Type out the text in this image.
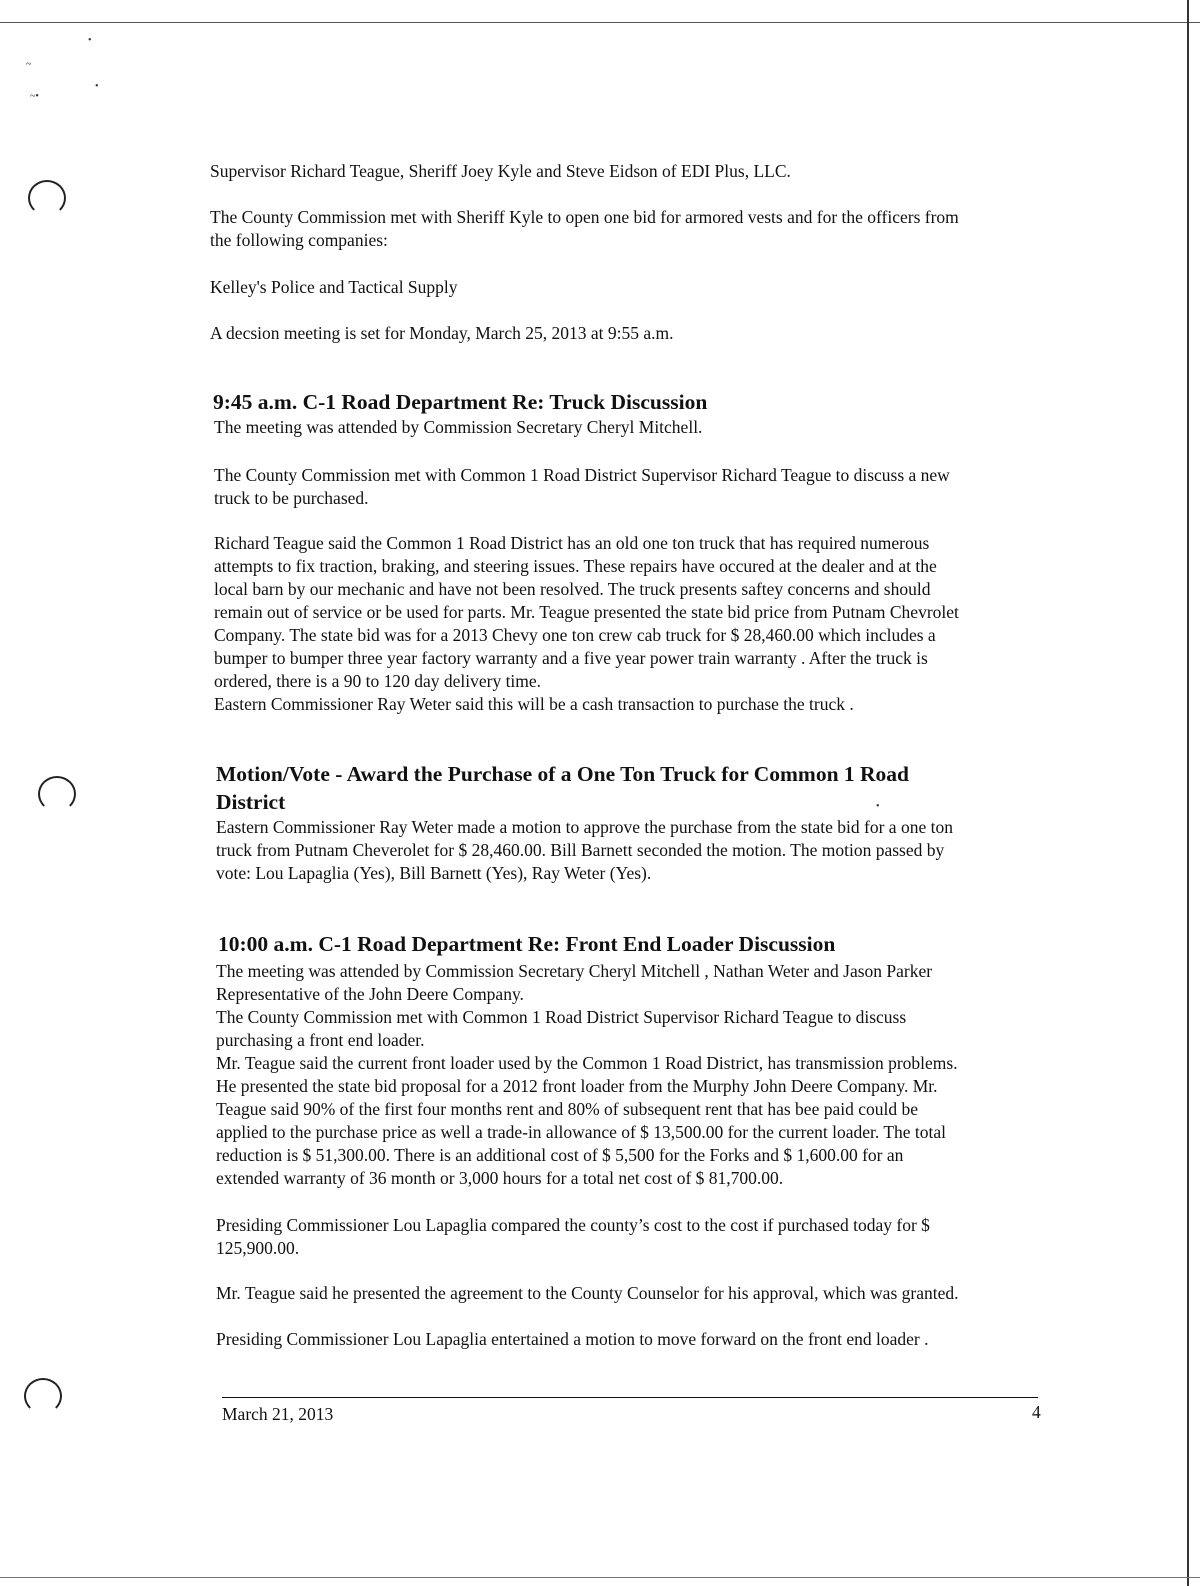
•
~
•
~•
•
Supervisor Richard Teague, Sheriff Joey Kyle and Steve Eidson of EDI Plus, LLC.
The County Commission met with Sheriff Kyle to open one bid for armored vests and for the officers from
the following companies:
Kelley's Police and Tactical Supply
A decsion meeting is set for Monday, March 25, 2013 at 9:55 a.m.
9:45 a.m. C-1 Road Department Re: Truck Discussion
The meeting was attended by Commission Secretary Cheryl Mitchell.
The County Commission met with Common 1 Road District Supervisor Richard Teague to discuss a new
truck to be purchased.
Richard Teague said the Common 1 Road District has an old one ton truck that has required numerous
attempts to fix traction, braking, and steering issues. These repairs have occured at the dealer and at the
local barn by our mechanic and have not been resolved. The truck presents saftey concerns and should
remain out of service or be used for parts. Mr. Teague presented the state bid price from Putnam Chevrolet
Company. The state bid was for a 2013 Chevy one ton crew cab truck for $ 28,460.00 which includes a
bumper to bumper three year factory warranty and a five year power train warranty . After the truck is
ordered, there is a 90 to 120 day delivery time.
Eastern Commissioner Ray Weter said this will be a cash transaction to purchase the truck .
Motion/Vote - Award the Purchase of a One Ton Truck for Common 1 Road
District
Eastern Commissioner Ray Weter made a motion to approve the purchase from the state bid for a one ton
truck from Putnam Cheverolet for $ 28,460.00. Bill Barnett seconded the motion. The motion passed by
vote: Lou Lapaglia (Yes), Bill Barnett (Yes), Ray Weter (Yes).
10:00 a.m. C-1 Road Department Re: Front End Loader Discussion
The meeting was attended by Commission Secretary Cheryl Mitchell , Nathan Weter and Jason Parker
Representative of the John Deere Company.
The County Commission met with Common 1 Road District Supervisor Richard Teague to discuss
purchasing a front end loader.
Mr. Teague said the current front loader used by the Common 1 Road District, has transmission problems.
He presented the state bid proposal for a 2012 front loader from the Murphy John Deere Company. Mr.
Teague said 90% of the first four months rent and 80% of subsequent rent that has bee paid could be
applied to the purchase price as well a trade-in allowance of $ 13,500.00 for the current loader. The total
reduction is $ 51,300.00. There is an additional cost of $ 5,500 for the Forks and $ 1,600.00 for an
extended warranty of 36 month or 3,000 hours for a total net cost of $ 81,700.00.
Presiding Commissioner Lou Lapaglia compared the county’s cost to the cost if purchased today for $
125,900.00.
Mr. Teague said he presented the agreement to the County Counselor for his approval, which was granted.
Presiding Commissioner Lou Lapaglia entertained a motion to move forward on the front end loader .
March 21, 2013	4
